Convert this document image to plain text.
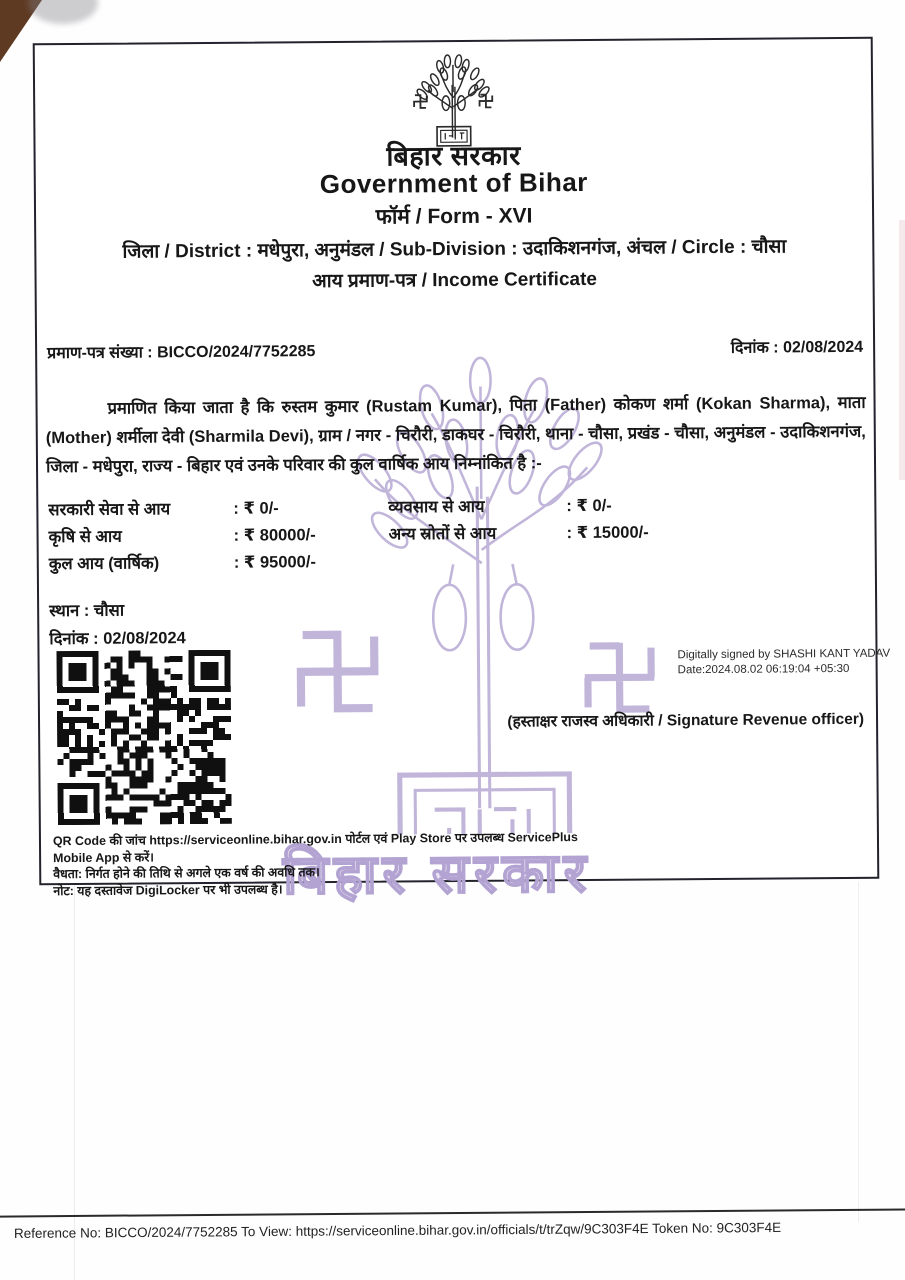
बिहार सरकार
बिहार सरकार
Government of Bihar
फॉर्म / Form - XVI
जिला / District : मधेपुरा, अनुमंडल / Sub-Division : उदाकिशनगंज, अंचल / Circle : चौसा
आय प्रमाण-पत्र / Income Certificate
प्रमाण-पत्र संख्या : BICCO/2024/7752285	दिनांक : 02/08/2024

प्रमाणित किया जाता है कि रुस्तम कुमार (Rustam Kumar), पिता (Father) कोकण शर्मा (Kokan Sharma), माता (Mother) शर्मीला देवी (Sharmila Devi), ग्राम / नगर - चिरौरी, डाकघर - चिरौरी, थाना - चौसा, प्रखंड - चौसा, अनुमंडल - उदाकिशनगंज, जिला - मधेपुरा, राज्य - बिहार एवं उनके परिवार की कुल वार्षिक आय निम्नांकित है :-

सरकारी सेवा से आय	: ₹ 0/-	व्यवसाय से आय	: ₹ 0/-
कृषि से आय	: ₹ 80000/-	अन्य स्रोतों से आय	: ₹ 15000/-
कुल आय (वार्षिक)	: ₹ 95000/-
स्थान : चौसा
दिनांक : 02/08/2024
Digitally signed by SHASHI KANT YADAV
Date:2024.08.02 06:19:04 +05:30
(हस्ताक्षर राजस्व अधिकारी / Signature Revenue officer)
QR Code की जांच https://serviceonline.bihar.gov.in पोर्टल एवं Play Store पर उपलब्ध ServicePlus Mobile App से करें।
वैधता: निर्गत होने की तिथि से अगले एक वर्ष की अवधि तक।
नोट: यह दस्तावेज DigiLocker पर भी उपलब्ध है।
Reference No: BICCO/2024/7752285 To View: https://serviceonline.bihar.gov.in/officials/t/trZqw/9C303F4E Token No: 9C303F4E
